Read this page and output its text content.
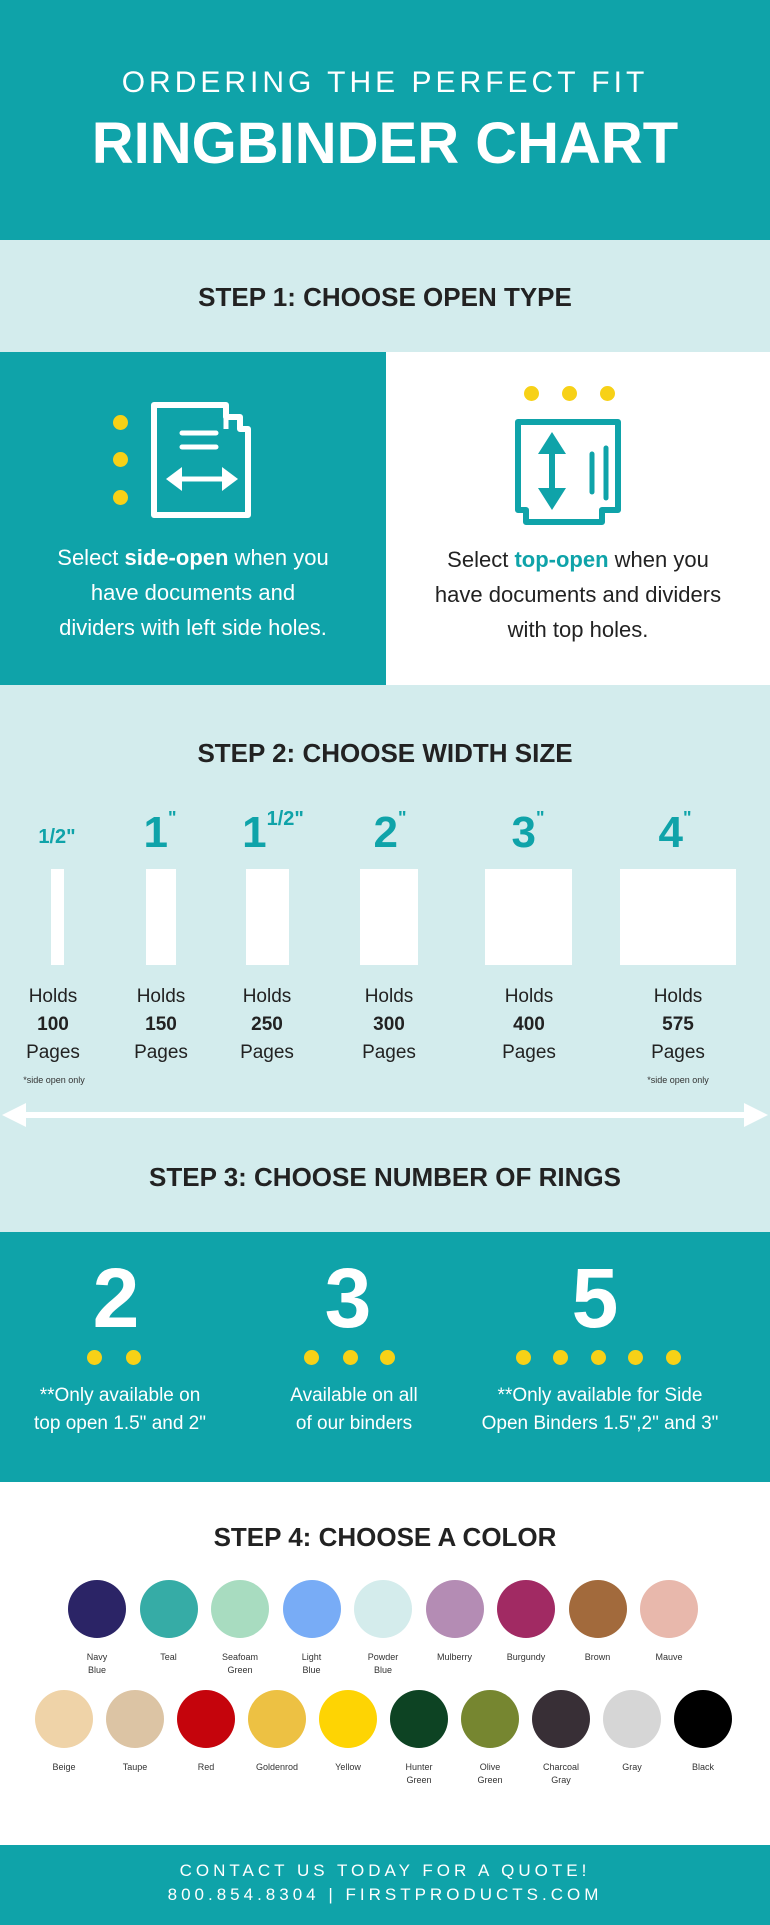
ORDERING THE PERFECT FIT
RINGBINDER CHART
STEP 1: CHOOSE OPEN TYPE
Select side-open when you
have documents and
dividers with left side holes.
Select top-open when you
have documents and dividers
with top holes.
STEP 2: CHOOSE WIDTH SIZE
1/2"	1"	$1^{1/2"}$	2"	3"	4"
Holds
100
Pages
*side open only
Holds
150
Pages
Holds
250
Pages
Holds
300
Pages
Holds
400
Pages
Holds
575
Pages
*side open only
STEP 3: CHOOSE NUMBER OF RINGS
2
**Only available on
top open 1.5" and 2"
3
Available on all
of our binders
5
**Only available for Side
Open Binders 1.5",2" and 3"
STEP 4: CHOOSE A COLOR
Navy
Blue
Teal	Seafoam
Green
Light
Blue
Powder
Blue
Mulberry	Burgundy	Brown	Mauve
Beige	Taupe	Red	Goldenrod	Yellow	Hunter
Green
Olive
Green
Charcoal
Gray
Gray	Black
CONTACT US TODAY FOR A QUOTE!
800.854.8304 | FIRSTPRODUCTS.COM
